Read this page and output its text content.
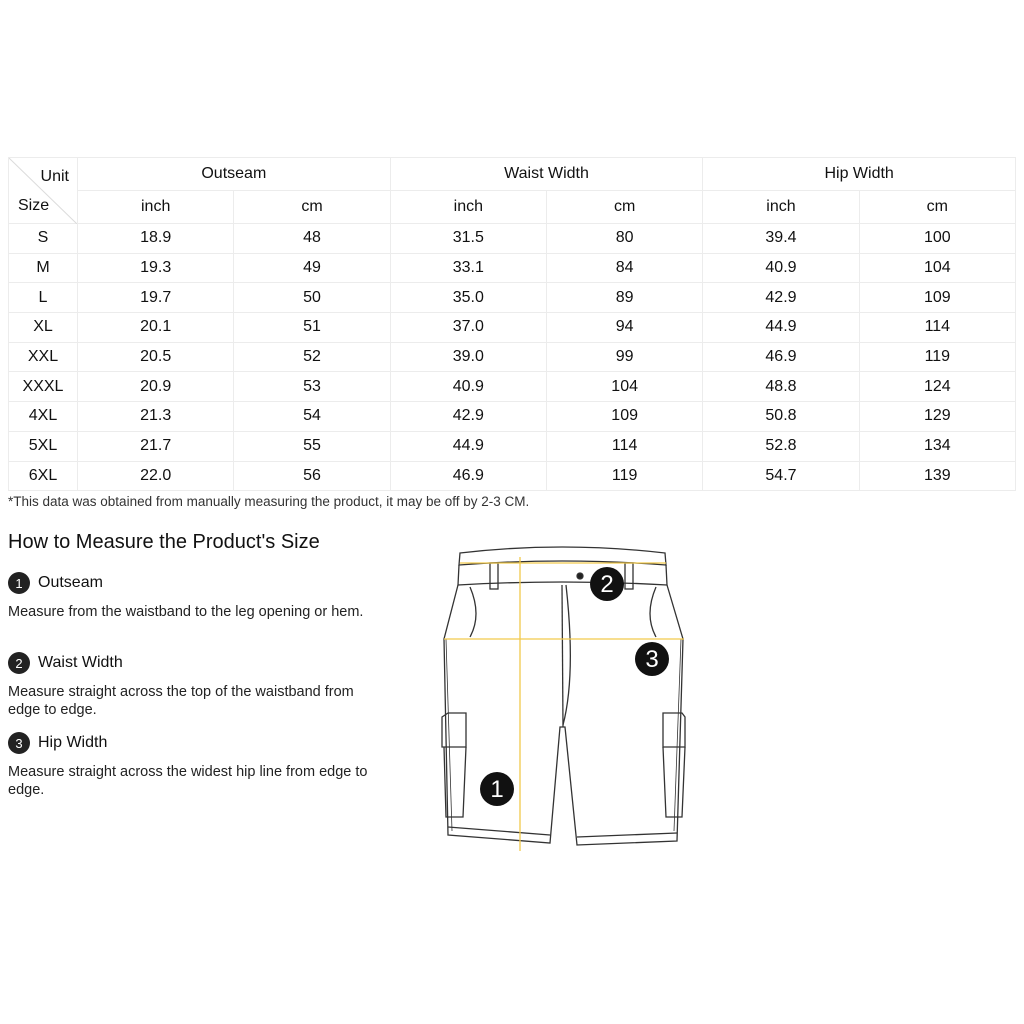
Unit
Size	Outseam		Waist Width		Hip Width	
	inch	cm	inch	cm	inch	cm
S	18.9	48	31.5	80	39.4	100
M	19.3	49	33.1	84	40.9	104
L	19.7	50	35.0	89	42.9	109
XL	20.1	51	37.0	94	44.9	114
XXL	20.5	52	39.0	99	46.9	119
XXXL	20.9	53	40.9	104	48.8	124
4XL	21.3	54	42.9	109	50.8	129
5XL	21.7	55	44.9	114	52.8	134
6XL	22.0	56	46.9	119	54.7	139
*This data was obtained from manually measuring the product, it may be off by 2-3 CM.
How to Measure the Product's Size
1 Outseam
Measure from the waistband to the leg opening or hem.
2 Waist Width
Measure straight across the top of the waistband from edge to edge.
3 Hip Width
Measure straight across the widest hip line from edge to edge.	1
2
3
